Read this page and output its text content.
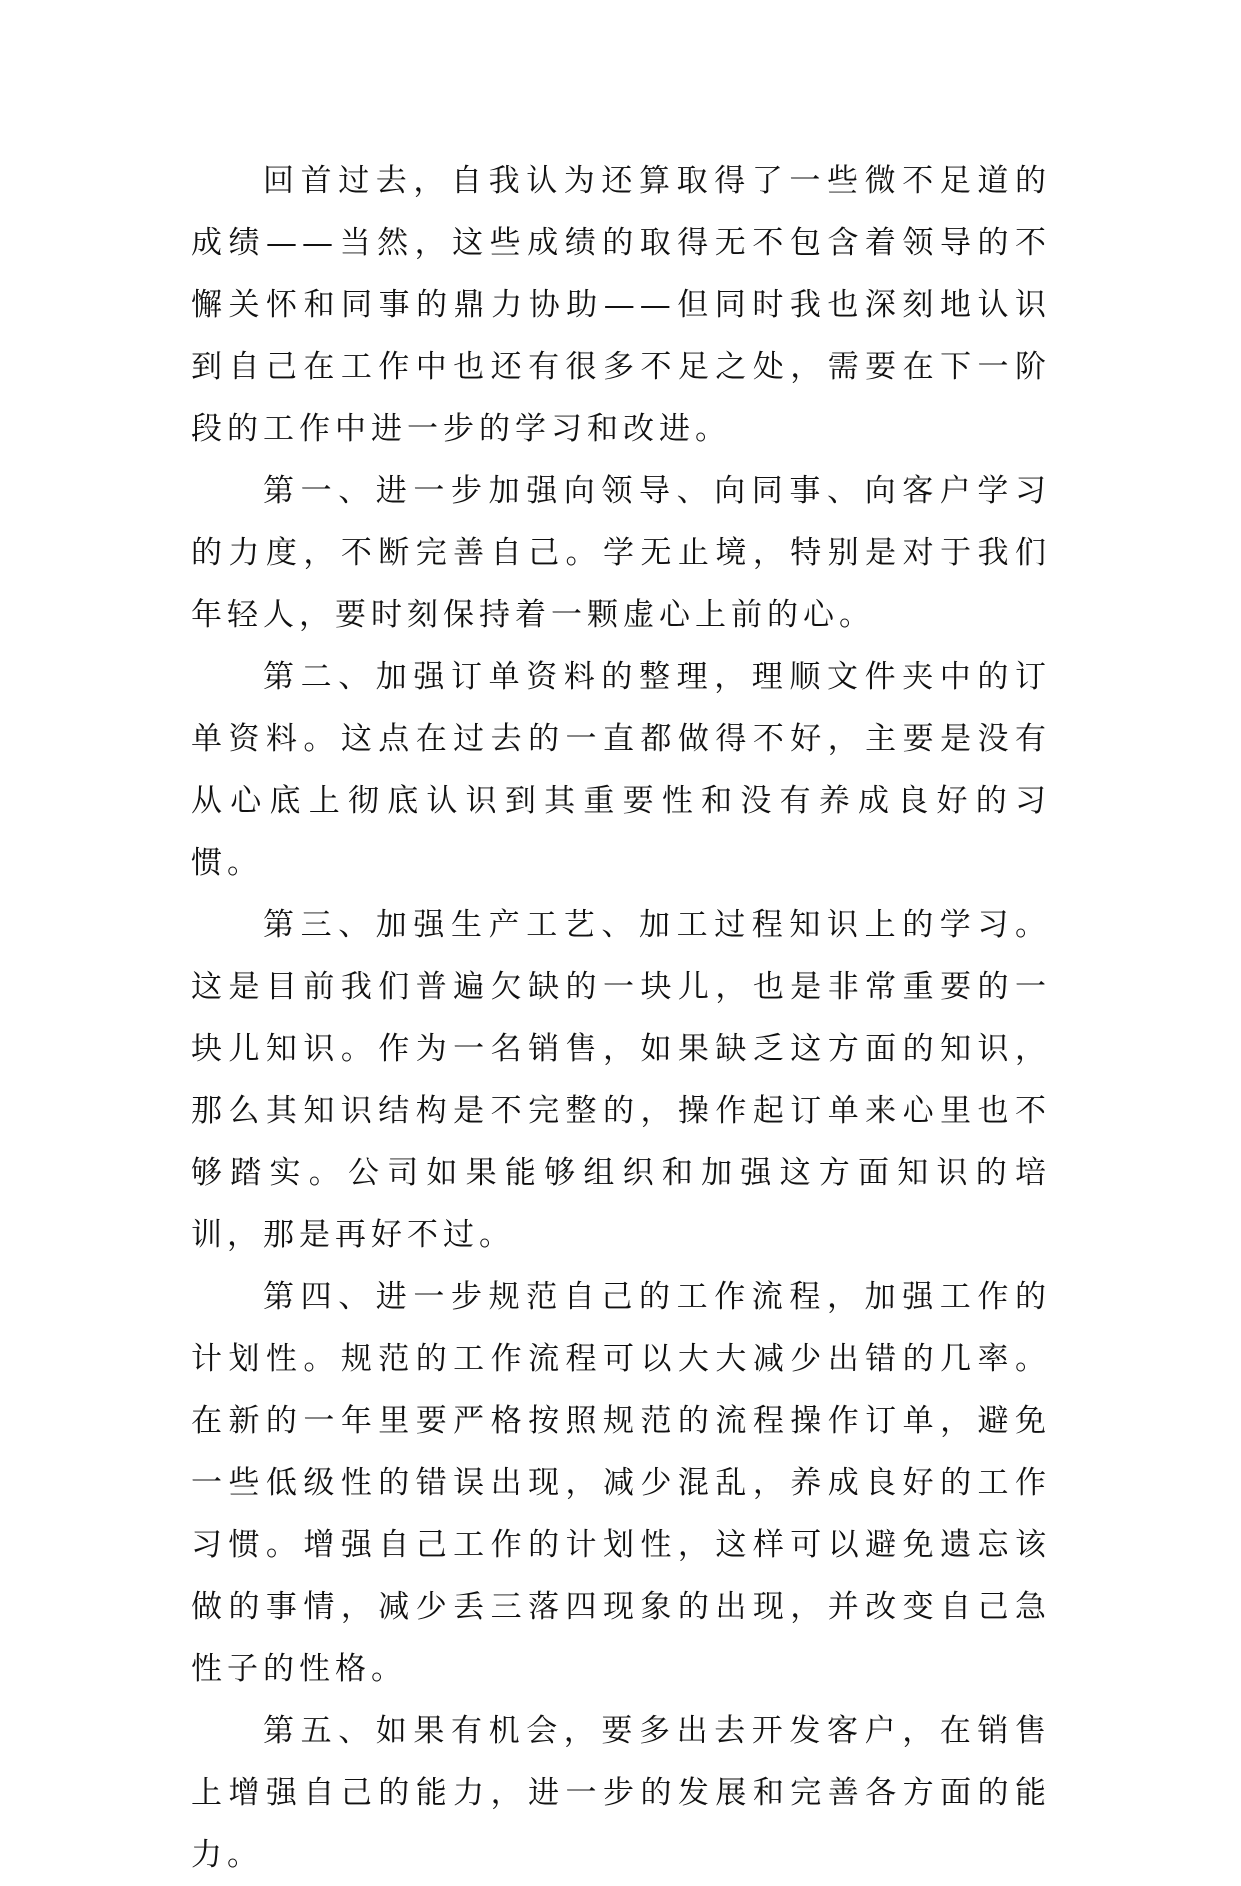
回首过去，自我认为还算取得了一些微不足道的成绩——当然，这些成绩的取得无不包含着领导的不懈关怀和同事的鼎力协助——但同时我也深刻地认识到自己在工作中也还有很多不足之处，需要在下一阶段的工作中进一步的学习和改进。

第一、进一步加强向领导、向同事、向客户学习的力度，不断完善自己。学无止境，特别是对于我们年轻人，要时刻保持着一颗虚心上前的心。

第二、加强订单资料的整理，理顺文件夹中的订单资料。这点在过去的一直都做得不好，主要是没有从心底上彻底认识到其重要性和没有养成良好的习惯。

第三、加强生产工艺、加工过程知识上的学习。这是目前我们普遍欠缺的一块儿，也是非常重要的一块儿知识。作为一名销售，如果缺乏这方面的知识，那么其知识结构是不完整的，操作起订单来心里也不够踏实。公司如果能够组织和加强这方面知识的培训，那是再好不过。

第四、进一步规范自己的工作流程，加强工作的计划性。规范的工作流程可以大大减少出错的几率。在新的一年里要严格按照规范的流程操作订单，避免一些低级性的错误出现，减少混乱，养成良好的工作习惯。增强自己工作的计划性，这样可以避免遗忘该做的事情，减少丢三落四现象的出现，并改变自己急性子的性格。

第五、如果有机会，要多出去开发客户，在销售上增强自己的能力，进一步的发展和完善各方面的能力。
